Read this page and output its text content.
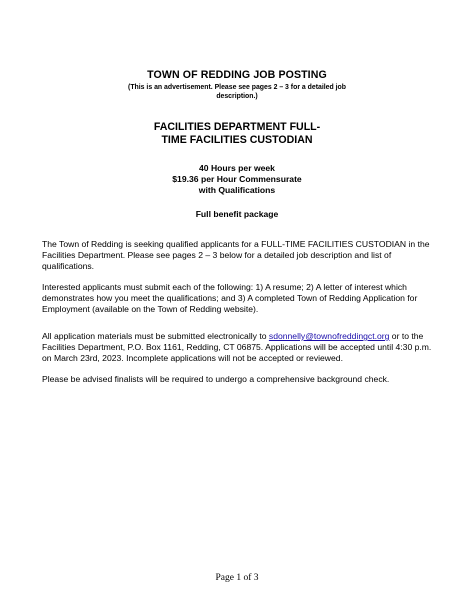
TOWN OF REDDING JOB POSTING
(This is an advertisement. Please see pages 2 – 3 for a detailed job
description.)
FACILITIES DEPARTMENT FULL-
TIME FACILITIES CUSTODIAN
40 Hours per week
$19.36 per Hour Commensurate
with Qualifications
Full benefit package

The Town of Redding is seeking qualified applicants for a FULL-TIME FACILITIES CUSTODIAN in the Facilities Department. Please see pages 2 – 3 below for a detailed job description and list of qualifications.

Interested applicants must submit each of the following: 1) A resume; 2) A letter of interest which demonstrates how you meet the qualifications; and 3) A completed Town of Redding Application for Employment (available on the Town of Redding website).

All application materials must be submitted electronically to sdonnelly@townofreddingct.org or to the Facilities Department, P.O. Box 1161, Redding, CT 06875. Applications will be accepted until 4:30 p.m. on March 23rd, 2023. Incomplete applications will not be accepted or reviewed.

Please be advised finalists will be required to undergo a comprehensive background check.

Page 1 of 3
